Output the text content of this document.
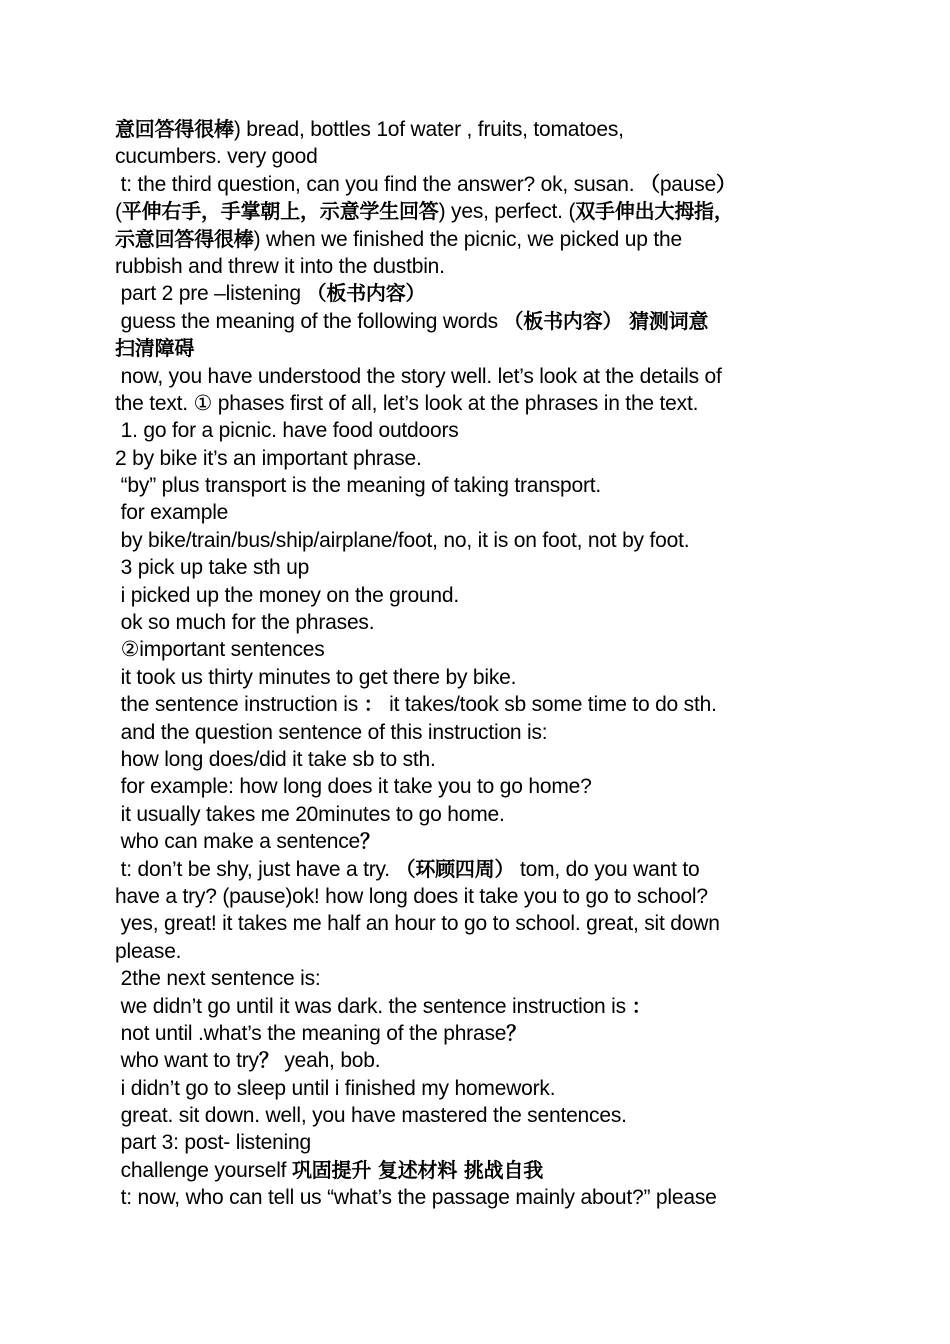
意回答得很棒) bread, bottles 1of water , fruits, tomatoes,
cucumbers. very good
t: the third question, can you find the answer? ok, susan. （pause）
(平伸右手，手掌朝上，示意学生回答) yes, perfect. (双手伸出大拇指，
示意回答得很棒) when we finished the picnic, we picked up the
rubbish and threw it into the dustbin.
part 2 pre –listening （板书内容）
guess the meaning of the following words （板书内容） 猜测词意
扫清障碍
now, you have understood the story well. let’s look at the details of
the text. ① phases first of all, let’s look at the phrases in the text.
1. go for a picnic. have food outdoors
2 by bike it’s an important phrase.
“by” plus transport is the meaning of taking transport.
for example
by bike/train/bus/ship/airplane/foot, no, it is on foot, not by foot.
3 pick up take sth up
i picked up the money on the ground.
ok so much for the phrases.
②important sentences
it took us thirty minutes to get there by bike.
the sentence instruction is ： it takes/took sb some time to do sth.
and the question sentence of this instruction is:
how long does/did it take sb to sth.
for example: how long does it take you to go home?
it usually takes me 20minutes to go home.
who can make a sentence？
t: don’t be shy, just have a try. （环顾四周） tom, do you want to
have a try? (pause)ok! how long does it take you to go to school?
yes, great! it takes me half an hour to go to school. great, sit down
please.
2the next sentence is:
we didn’t go until it was dark. the sentence instruction is ：
not until .what’s the meaning of the phrase？
who want to try？ yeah, bob.
i didn’t go to sleep until i finished my homework.
great. sit down. well, you have mastered the sentences.
part 3: post- listening
challenge yourself 巩固提升 复述材料 挑战自我
t: now, who can tell us “what’s the passage mainly about?” please
